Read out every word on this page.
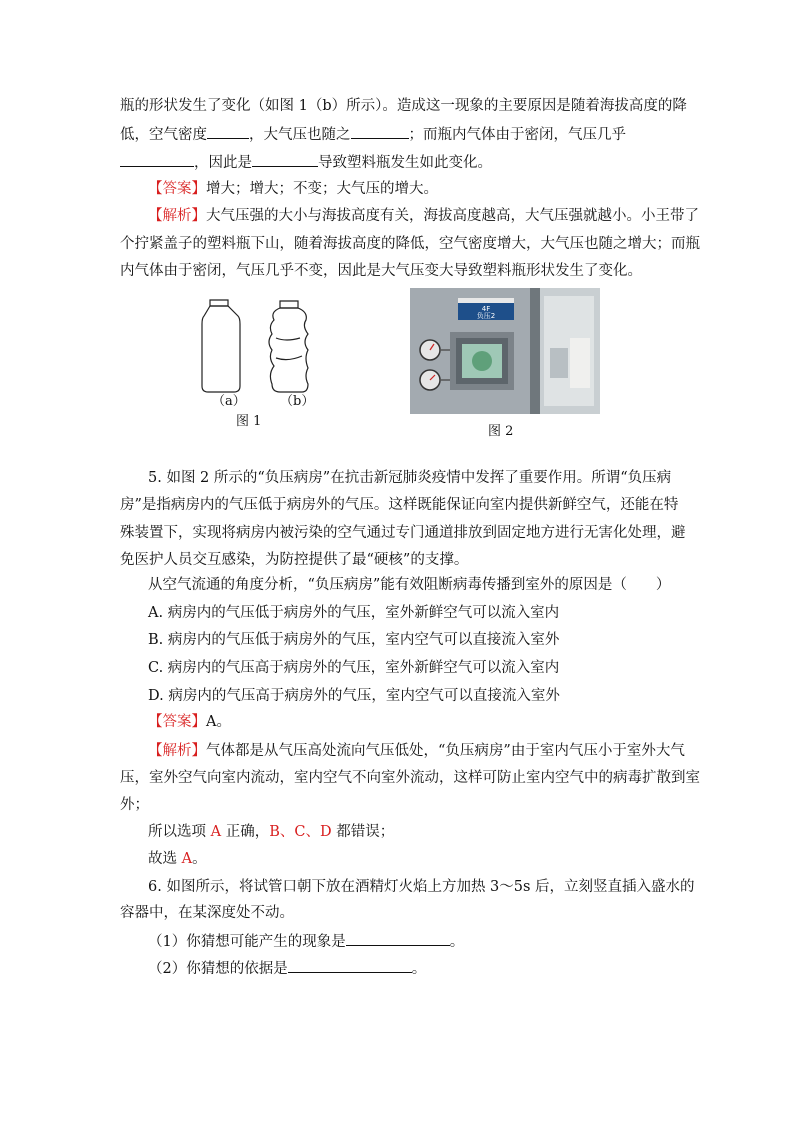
瓶的形状发生了变化（如图 1（b）所示）。造成这一现象的主要原因是随着海拔高度的降
低，空气密度	，大气压也随之	；而瓶内气体由于密闭，气压几乎
，因此是	导致塑料瓶发生如此变化。
【答案】增大；增大；不变；大气压的增大。
【解析】大气压强的大小与海拔高度有关，海拔高度越高，大气压强就越小。小王带了
个拧紧盖子的塑料瓶下山，随着海拔高度的降低，空气密度增大，大气压也随之增大；而瓶
内气体由于密闭，气压几乎不变，因此是大气压变大导致塑料瓶形状发生了变化。
（a）	（b）
图 1
4F
负压2
图 2
5. 如图 2 所示的“负压病房”在抗击新冠肺炎疫情中发挥了重要作用。所谓“负压病
房”是指病房内的气压低于病房外的气压。这样既能保证向室内提供新鲜空气，还能在特
殊装置下，实现将病房内被污染的空气通过专门通道排放到固定地方进行无害化处理，避
免医护人员交互感染，为防控提供了最“硬核”的支撑。
从空气流通的角度分析，“负压病房”能有效阻断病毒传播到室外的原因是（　　）
A. 病房内的气压低于病房外的气压，室外新鲜空气可以流入室内
B. 病房内的气压低于病房外的气压，室内空气可以直接流入室外
C. 病房内的气压高于病房外的气压，室外新鲜空气可以流入室内
D. 病房内的气压高于病房外的气压，室内空气可以直接流入室外
【答案】A。
【解析】气体都是从气压高处流向气压低处，“负压病房”由于室内气压小于室外大气
压，室外空气向室内流动，室内空气不向室外流动，这样可防止室内空气中的病毒扩散到室
外；
所以选项 A 正确，B、C、D 都错误；
故选 A。
6. 如图所示，将试管口朝下放在酒精灯火焰上方加热 3～5s 后，立刻竖直插入盛水的
容器中，在某深度处不动。
（1）你猜想可能产生的现象是	。
（2）你猜想的依据是	。
